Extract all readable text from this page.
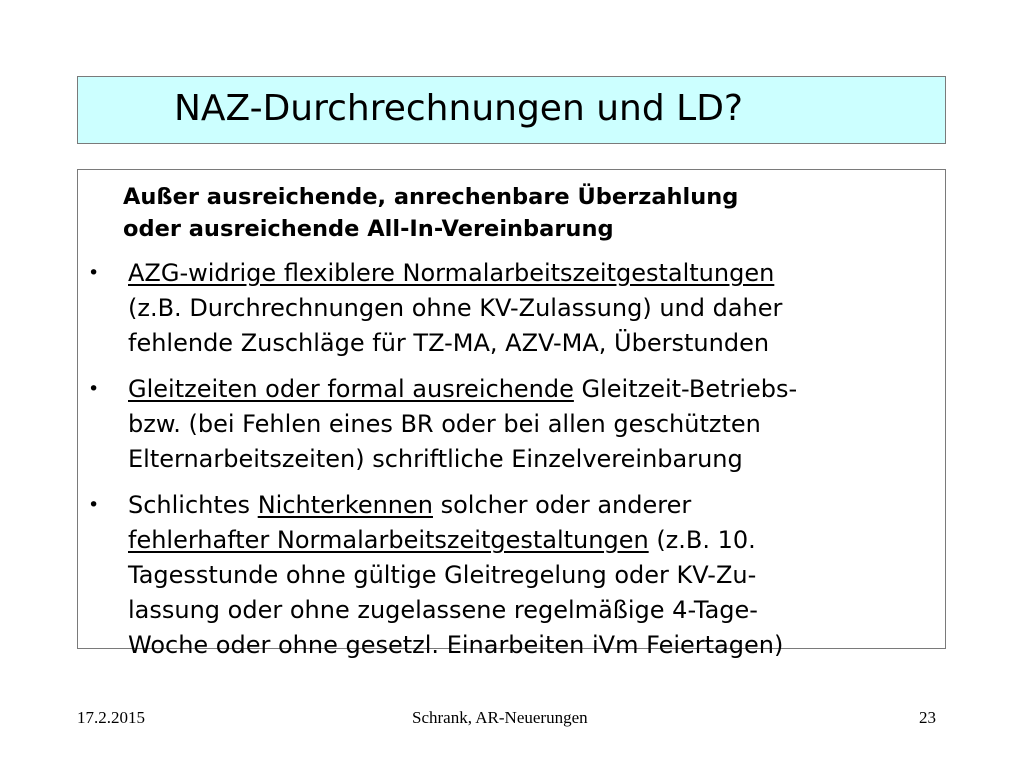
NAZ-Durchrechnungen und LD?
Außer ausreichende, anrechenbare Überzahlung
oder ausreichende All-In-Vereinbarung
•	AZG-widrige flexiblere Normalarbeitszeitgestaltungen
(z.B. Durchrechnungen ohne KV-Zulassung) und daher
fehlende Zuschläge für TZ-MA, AZV-MA, Überstunden
•	Gleitzeiten oder formal ausreichende Gleitzeit-Betriebs-
bzw. (bei Fehlen eines BR oder bei allen geschützten
Elternarbeitszeiten) schriftliche Einzelvereinbarung
•	Schlichtes Nichterkennen solcher oder anderer
fehlerhafter Normalarbeitszeitgestaltungen (z.B. 10.
Tagesstunde ohne gültige Gleitregelung oder KV-Zu-
lassung oder ohne zugelassene regelmäßige 4-Tage-
Woche oder ohne gesetzl. Einarbeiten iVm Feiertagen)
17.2.2015	Schrank, AR-Neuerungen	23
